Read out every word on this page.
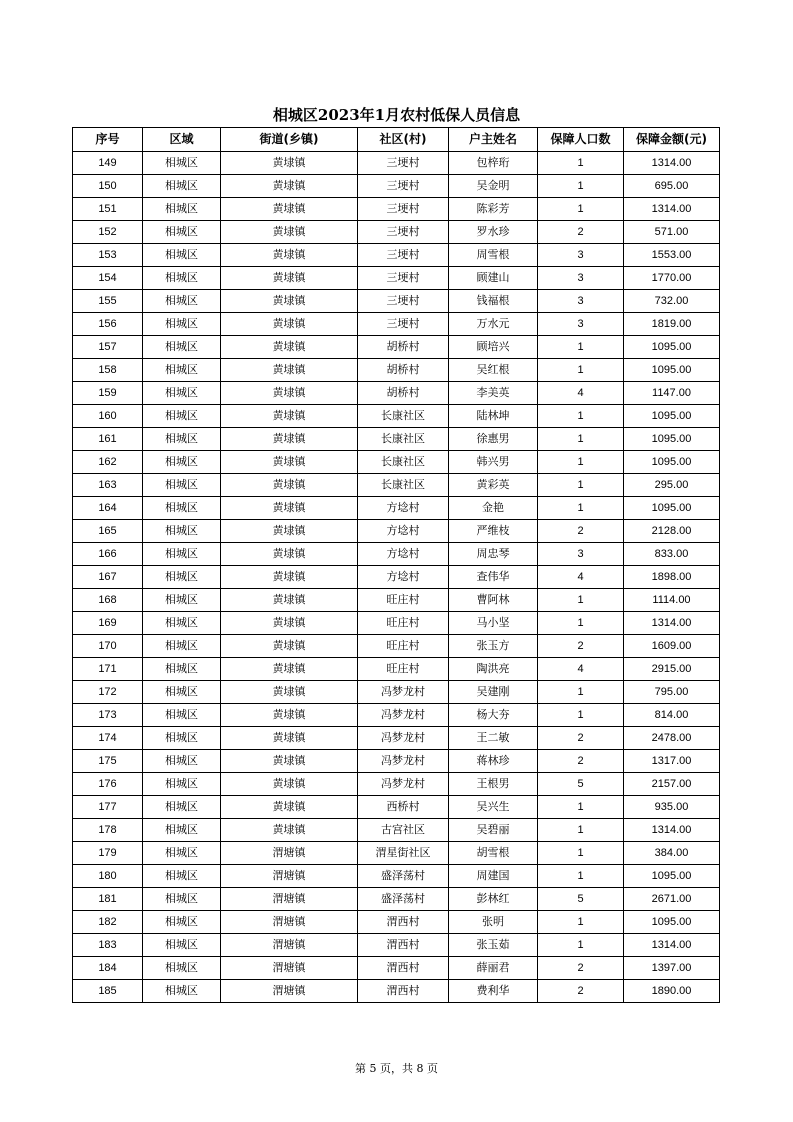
相城区2023年1月农村低保人员信息
序号	区域	街道(乡镇)	社区(村)	户主姓名	保障人口数	保障金额(元)
149	相城区	黄埭镇	三埂村	包梓珩	1	1314.00
150	相城区	黄埭镇	三埂村	吴金明	1	695.00
151	相城区	黄埭镇	三埂村	陈彩芳	1	1314.00
152	相城区	黄埭镇	三埂村	罗水珍	2	571.00
153	相城区	黄埭镇	三埂村	周雪根	3	1553.00
154	相城区	黄埭镇	三埂村	顾建山	3	1770.00
155	相城区	黄埭镇	三埂村	钱福根	3	732.00
156	相城区	黄埭镇	三埂村	万水元	3	1819.00
157	相城区	黄埭镇	胡桥村	顾培兴	1	1095.00
158	相城区	黄埭镇	胡桥村	吴红根	1	1095.00
159	相城区	黄埭镇	胡桥村	李美英	4	1147.00
160	相城区	黄埭镇	长康社区	陆林坤	1	1095.00
161	相城区	黄埭镇	长康社区	徐惠男	1	1095.00
162	相城区	黄埭镇	长康社区	韩兴男	1	1095.00
163	相城区	黄埭镇	长康社区	黄彩英	1	295.00
164	相城区	黄埭镇	方埝村	金艳	1	1095.00
165	相城区	黄埭镇	方埝村	严维枝	2	2128.00
166	相城区	黄埭镇	方埝村	周忠琴	3	833.00
167	相城区	黄埭镇	方埝村	查伟华	4	1898.00
168	相城区	黄埭镇	旺庄村	曹阿林	1	1114.00
169	相城区	黄埭镇	旺庄村	马小坚	1	1314.00
170	相城区	黄埭镇	旺庄村	张玉方	2	1609.00
171	相城区	黄埭镇	旺庄村	陶洪亮	4	2915.00
172	相城区	黄埭镇	冯梦龙村	吴建刚	1	795.00
173	相城区	黄埭镇	冯梦龙村	杨大夯	1	814.00
174	相城区	黄埭镇	冯梦龙村	王二敏	2	2478.00
175	相城区	黄埭镇	冯梦龙村	蒋林珍	2	1317.00
176	相城区	黄埭镇	冯梦龙村	王根男	5	2157.00
177	相城区	黄埭镇	西桥村	吴兴生	1	935.00
178	相城区	黄埭镇	古宫社区	吴碧丽	1	1314.00
179	相城区	渭塘镇	渭星街社区	胡雪根	1	384.00
180	相城区	渭塘镇	盛泽荡村	周建国	1	1095.00
181	相城区	渭塘镇	盛泽荡村	彭林红	5	2671.00
182	相城区	渭塘镇	渭西村	张明	1	1095.00
183	相城区	渭塘镇	渭西村	张玉茹	1	1314.00
184	相城区	渭塘镇	渭西村	薛丽君	2	1397.00
185	相城区	渭塘镇	渭西村	费利华	2	1890.00
第 5 页，共 8 页
